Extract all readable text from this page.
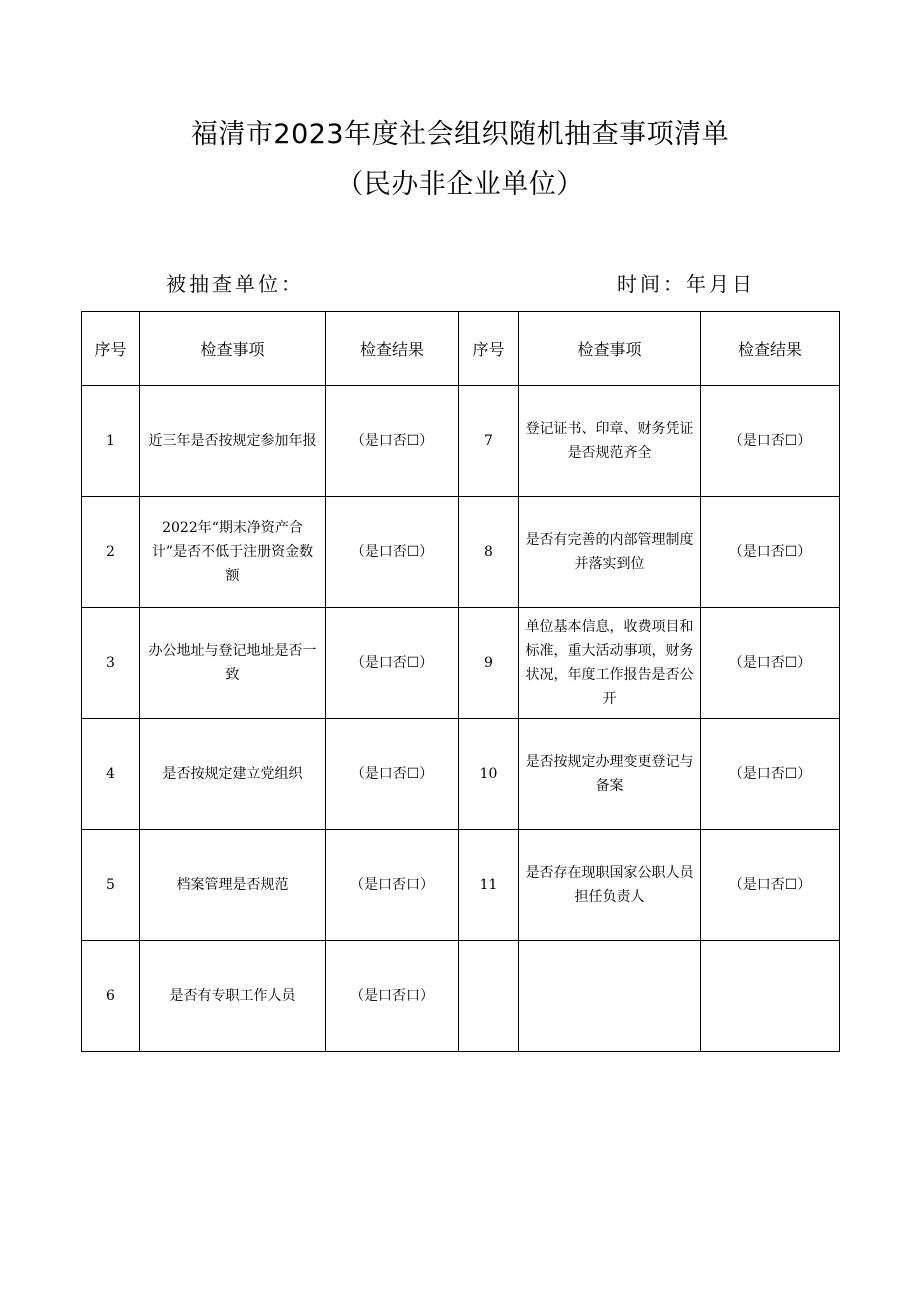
福清市2023年度社会组织随机抽查事项清单
（民办非企业单位）
被抽查单位：	时间：年月日
序号	检查事项	检查结果	序号	检查事项	检查结果
1	近三年是否按规定参加年报	（是口否☐）	7	登记证书、印章、财务凭证是否规范齐全	（是口否☐）
2	2022年“期末净资产合计”是否不低于注册资金数额	（是口否☐）	8	是否有完善的内部管理制度并落实到位	（是口否☐）
3	办公地址与登记地址是否一致	（是口否☐）	9	单位基本信息，收费项目和标准，重大活动事项，财务状况，年度工作报告是否公开	（是口否☐）
4	是否按规定建立党组织	（是口否☐）	10	是否按规定办理变更登记与备案	（是口否☐）
5	档案管理是否规范	（是口否口）	11	是否存在现职国家公职人员担任负责人	（是口否☐）
6	是否有专职工作人员	（是口否口）			
